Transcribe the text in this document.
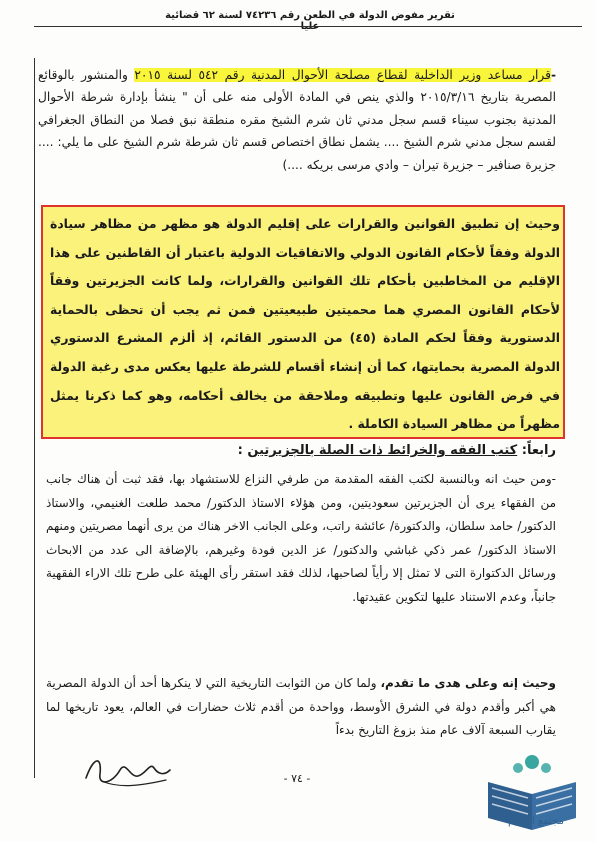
تقرير مفوض الدولة في الطعن رقم ٧٤٢٣٦ لسنة ٦٢ قضائية عليا
-قرار مساعد وزير الداخلية لقطاع مصلحة الأحوال المدنية رقم ٥٤٢ لسنة ٢٠١٥ والمنشور بالوقائع المصرية بتاريخ ٢٠١٥/٣/١٦ والذي ينص في المادة الأولى منه على أن " ينشأ بإدارة شرطة الأحوال المدنية بجنوب سيناء قسم سجل مدني ثان شرم الشيخ مقره منطقة نبق فصلا من النطاق الجغرافي لقسم سجل مدني شرم الشيخ .... يشمل نطاق اختصاص قسم ثان شرطة شرم الشيخ على ما يلي: .... جزيرة صنافير – جزيرة تيران – وادي مرسى بريكه ....)
وحيث إن تطبيق القوانين والقرارات على إقليم الدولة هو مظهر من مظاهر سيادة الدولة وفقاً لأحكام القانون الدولي والاتفاقيات الدولية باعتبار أن القاطنين على هذا الإقليم من المخاطبين بأحكام تلك القوانين والقرارات، ولما كانت الجزيرتين وفقاً لأحكام القانون المصري هما محميتين طبيعيتين فمن ثم يجب أن تحظى بالحماية الدستورية وفقاً لحكم المادة (٤٥) من الدستور القائم، إذ ألزم المشرع الدستوري الدولة المصرية بحمايتها، كما أن إنشاء أقسام للشرطة عليها يعكس مدى رغبة الدولة في فرض القانون عليها وتطبيقه وملاحقة من يخالف أحكامه، وهو كما ذكرنا يمثل مظهراً من مظاهر السيادة الكاملة .
رابعاً: كتب الفقه والخرائط ذات الصلة بالجزيرتين :
-ومن حيث انه وبالنسبة لكتب الفقه المقدمة من طرفي النزاع للاستشهاد بها، فقد ثبت أن هناك جانب من الفقهاء يرى أن الجزيرتين سعوديتين، ومن هؤلاء الاستاذ الدكتور/ محمد طلعت الغنيمي، والاستاذ الدكتور/ حامد سلطان، والدكتورة/ عائشة راتب، وعلى الجانب الاخر هناك من يرى أنهما مصريتين ومنهم الاستاذ الدكتور/ عمر ذكي غباشي والدكتور/ عز الدين فودة وغيرهم، بالإضافة الى عدد من الابحاث ورسائل الدكتوارة التى لا تمثل إلا رأياً لصاحبها، لذلك فقد استقر رأى الهيئة على طرح تلك الاراء الفقهية جانباً، وعدم الاستناد عليها لتكوين عقيدتها.
وحيث إنه وعلى هدى ما تقدم، ولما كان من الثوابت التاريخية التي لا ينكرها أحد أن الدولة المصرية هي أكبر وأقدم دولة في الشرق الأوسط، وواحدة من أقدم ثلاث حضارات في العالم، يعود تاريخها لما يقارب السبعة آلاف عام منذ بزوغ التاريخ بدءاً
- ٧٤ -
مجتمع التعليم
